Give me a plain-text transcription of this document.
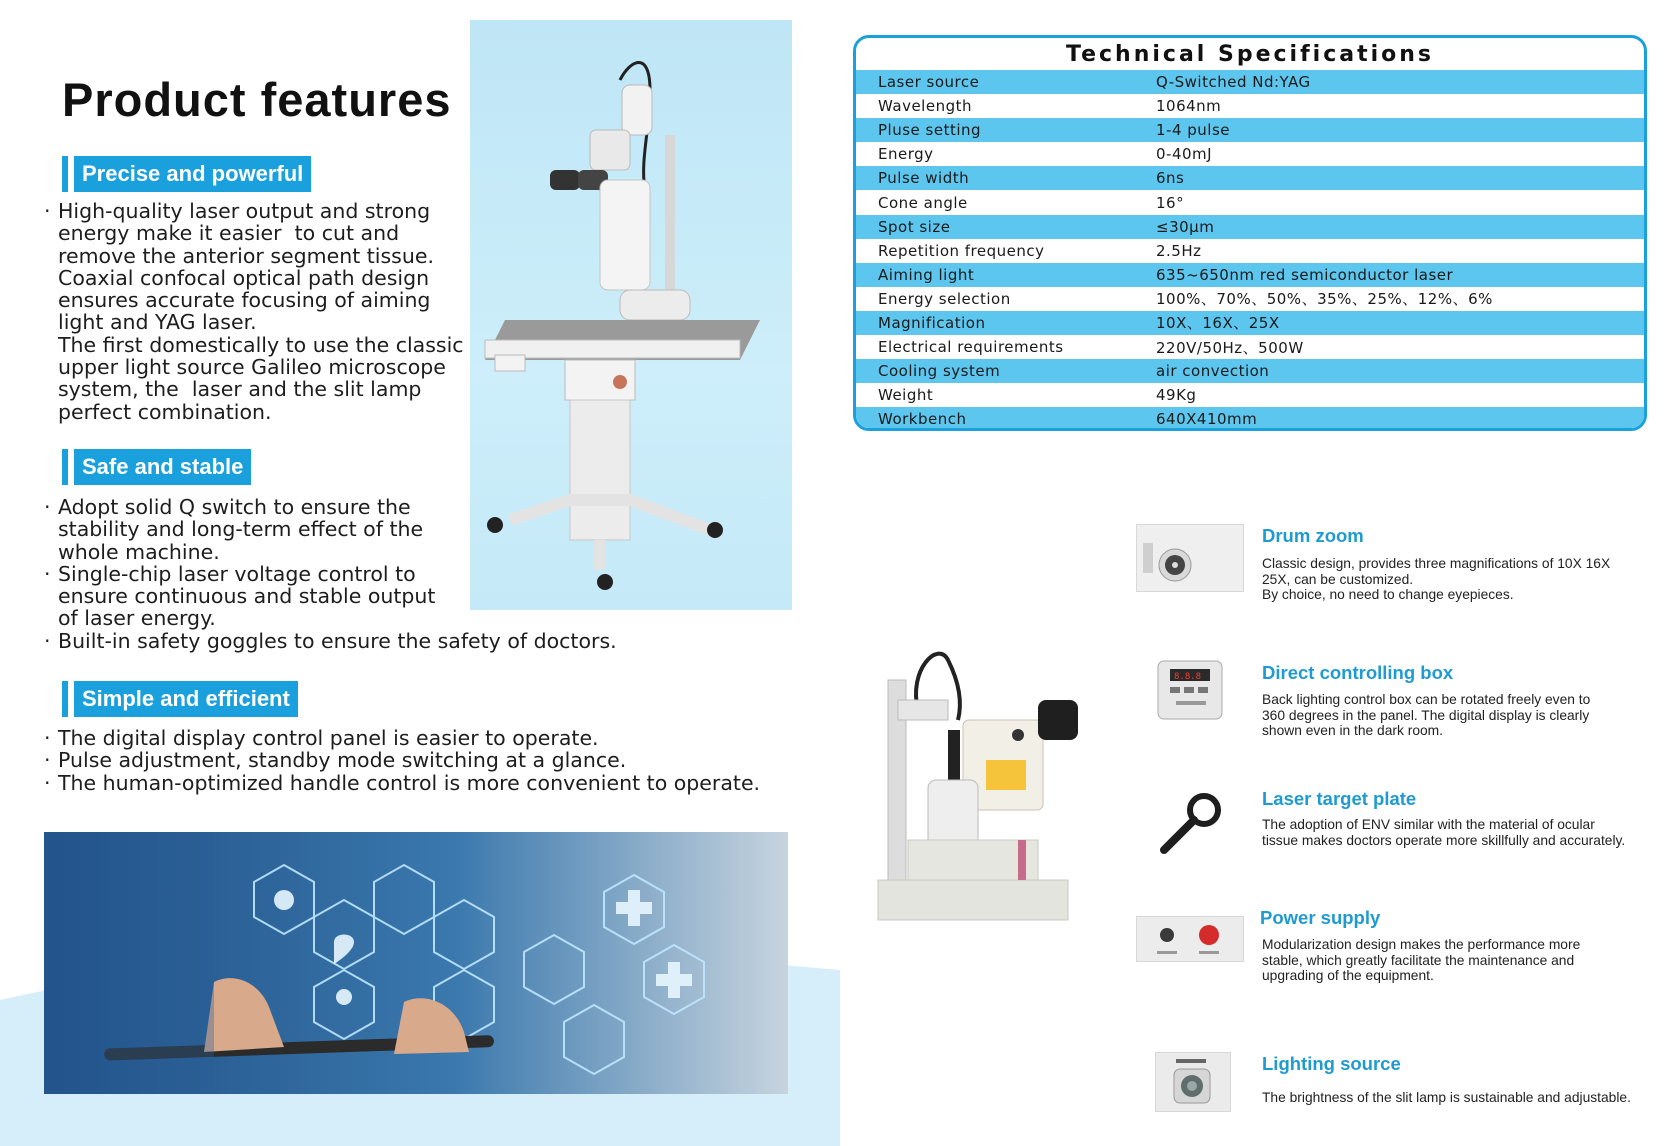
Product features
Precise and powerful
· High-quality laser output and strong
energy make it easier  to cut and
remove the anterior segment tissue.
Coaxial confocal optical path design
ensures accurate focusing of aiming
light and YAG laser.
The first domestically to use the classic
upper light source Galileo microscope
system, the  laser and the slit lamp
perfect combination.
Safe and stable
· Adopt solid Q switch to ensure the
stability and long-term effect of the
whole machine.
· Single-chip laser voltage control to
ensure continuous and stable output
of laser energy.
· Built-in safety goggles to ensure the safety of doctors.
Simple and efficient
· The digital display control panel is easier to operate.
· Pulse adjustment, standby mode switching at a glance.
· The human-optimized handle control is more convenient to operate.
Technical Specifications
Laser source	Q-Switched Nd:YAG
Wavelength	1064nm
Pluse setting	1-4 pulse
Energy	0-40mJ
Pulse width	6ns
Cone angle	16°
Spot size	≤30μm
Repetition frequency	2.5Hz
Aiming light	635~650nm red semiconductor laser
Energy selection	100%、70%、50%、35%、25%、12%、6%
Magnification	10X、16X、25X
Electrical requirements	220V/50Hz、500W
Cooling system	air convection
Weight	49Kg
Workbench	640X410mm
Drum zoom
Classic design, provides three magnifications of 10X 16X
25X, can be customized.
By choice, no need to change eyepieces.
8.8.8	Direct controlling box
Back lighting control box can be rotated freely even to
360 degrees in the panel. The digital display is clearly
shown even in the dark room.
Laser target plate
The adoption of ENV similar with the material of ocular
tissue makes doctors operate more skillfully and accurately.
Power supply
Modularization design makes the performance more
stable, which greatly facilitate the maintenance and
upgrading of the equipment.
Lighting source
The brightness of the slit lamp is sustainable and adjustable.
